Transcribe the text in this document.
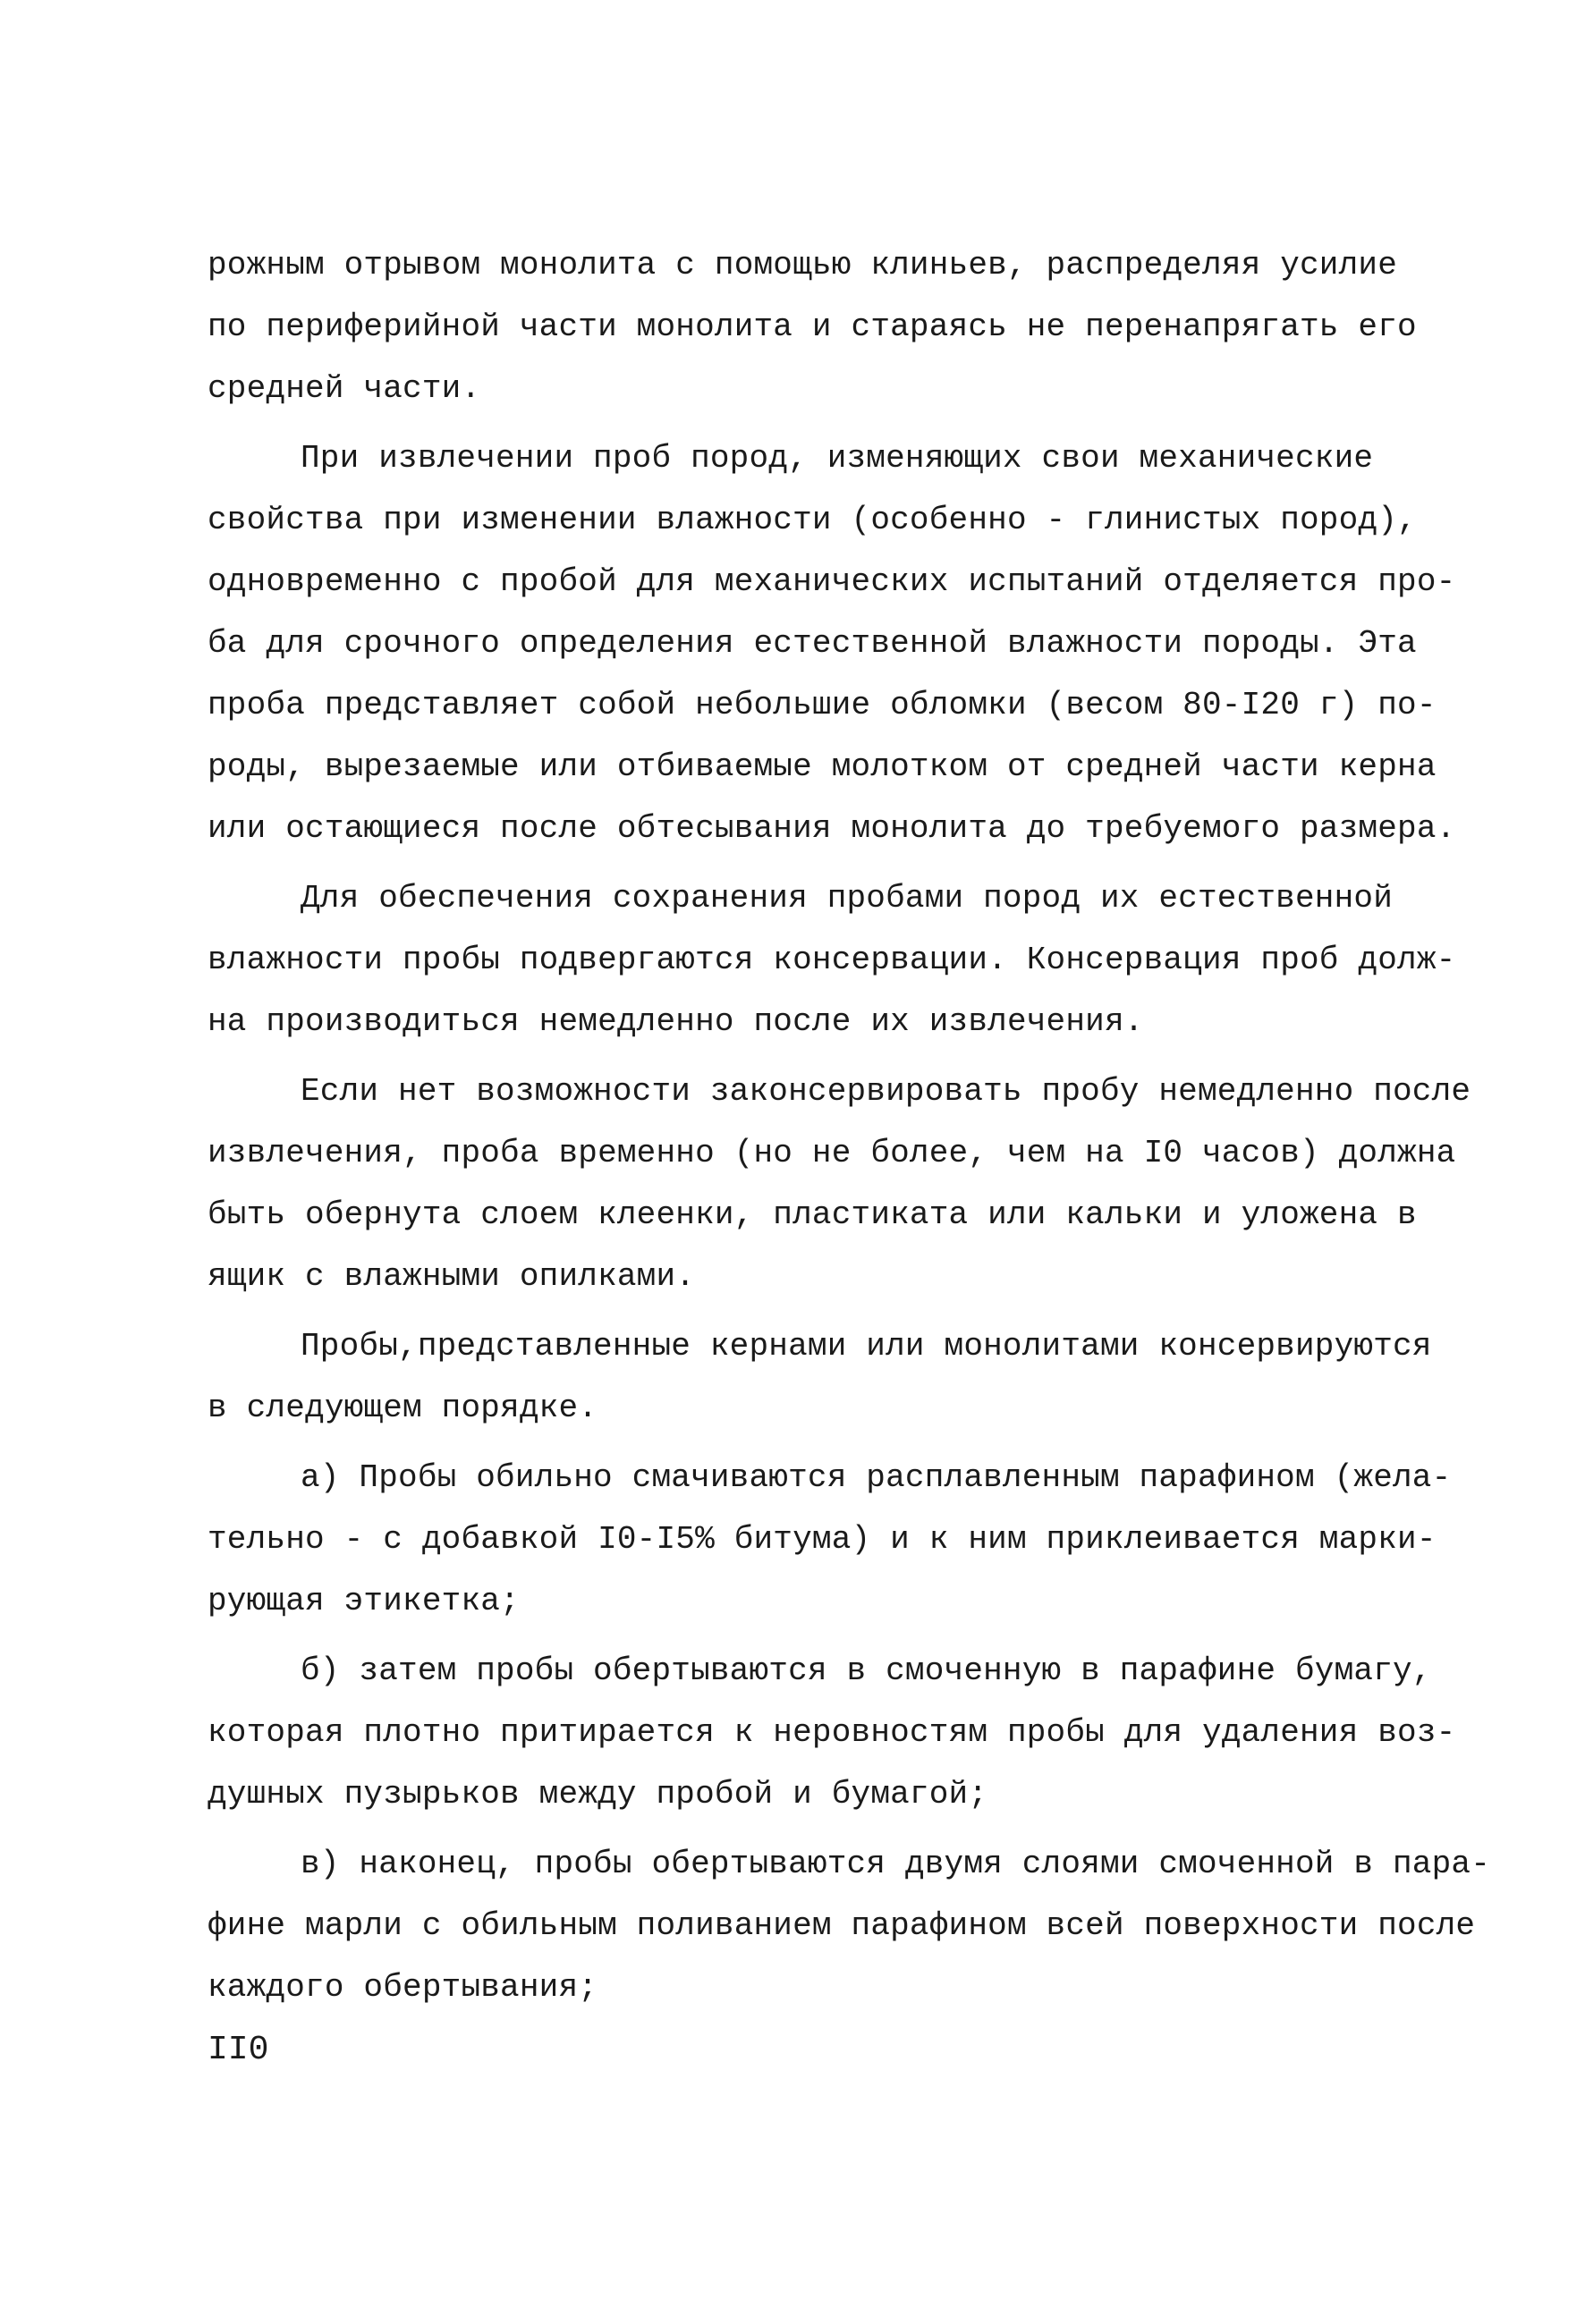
рожным отрывом монолита с помощью клиньев, распределяя усилие
по периферийной части монолита и стараясь не перенапрягать его
средней части.

При извлечении проб пород, изменяющих свои механические
свойства при изменении влажности (особенно - глинистых пород),
одновременно с пробой для механических испытаний отделяется про-
ба для срочного определения естественной влажности породы. Эта
проба представляет собой небольшие обломки (весом 80-I20 г) по-
роды, вырезаемые или отбиваемые молотком от средней части керна
или остающиеся после обтесывания монолита до требуемого размера.

Для обеспечения сохранения пробами пород их естественной
влажности пробы подвергаются консервации. Консервация проб долж-
на производиться немедленно после их извлечения.

Если нет возможности законсервировать пробу немедленно после
извлечения, проба временно (но не более, чем на I0 часов) должна
быть обернута слоем клеенки, пластиката или кальки и уложена в
ящик с влажными опилками.

Пробы,представленные кернами или монолитами консервируются
в следующем порядке.

а) Пробы обильно смачиваются расплавленным парафином (жела-
тельно - с добавкой I0-I5% битума) и к ним приклеивается марки-
рующая этикетка;

б) затем пробы обертываются в смоченную в парафине бумагу,
которая плотно притирается к неровностям пробы для удаления воз-
душных пузырьков между пробой и бумагой;

в) наконец, пробы обертываются двумя слоями смоченной в пара-
фине марли с обильным поливанием парафином всей поверхности после
каждого обертывания;

II0
